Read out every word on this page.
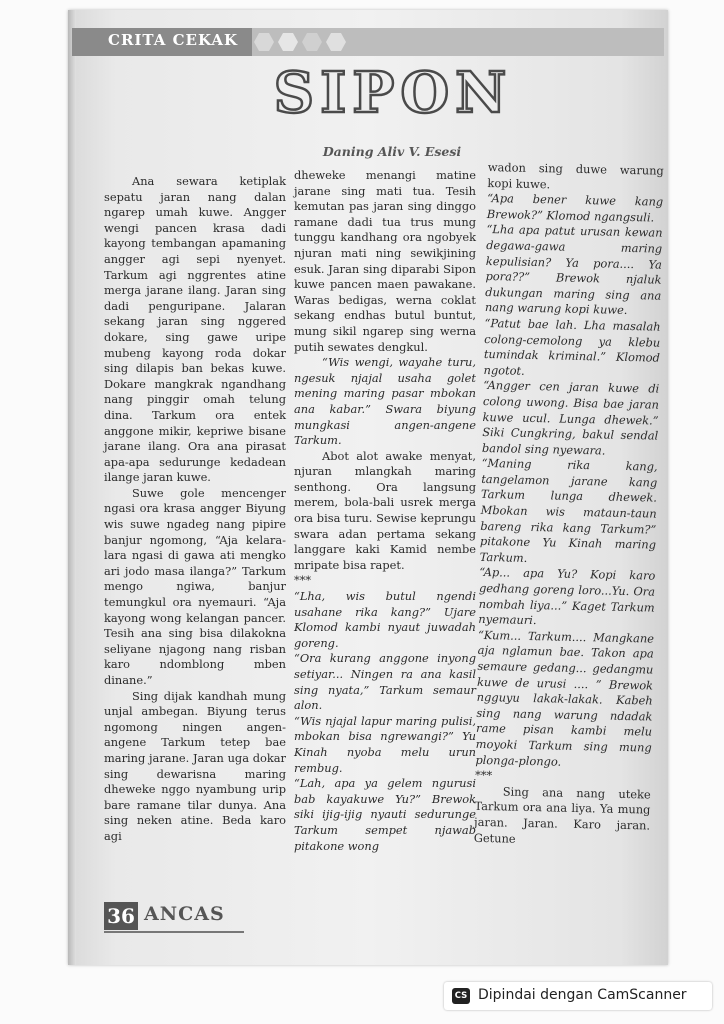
CRITA CEKAK
SIPON
Daning Aliv V. Esesi

Ana sewara ketiplak sepatu jaran nang dalan ngarep umah kuwe. Angger wengi pancen krasa dadi kayong tembangan apamaning angger agi sepi nyenyet. Tarkum agi nggrentes atine merga jarane ilang. Jaran sing dadi penguripane. Jalaran sekang jaran sing nggered dokare, sing gawe uripe mubeng kayong roda dokar sing dilapis ban bekas kuwe. Dokare mangkrak ngandhang nang pinggir omah telung dina. Tarkum ora entek anggone mikir, kepriwe bisane jarane ilang. Ora ana pirasat apa-apa sedurunge kedadean ilange jaran kuwe.

Suwe gole mencenger ngasi ora krasa angger Biyung wis suwe ngadeg nang pipire banjur ngomong, “Aja kelara-lara ngasi di gawa ati mengko ari jodo masa ilanga?” Tarkum mengo ngiwa, banjur temungkul ora nyemauri. “Aja kayong wong kelangan pancer. Tesih ana sing bisa dilakokna seliyane njagong nang risban karo ndomblong mben dinane.”

Sing dijak kandhah mung unjal ambegan. Biyung terus ngomong ningen angen-angene Tarkum tetep bae maring jarane. Jaran uga dokar sing dewarisna maring dheweke nggo nyambung urip bare ramane tilar dunya. Ana sing neken atine. Beda karo agi

dheweke menangi matine jarane sing mati tua. Tesih kemutan pas jaran sing dinggo ramane dadi tua trus mung tunggu kandhang ora ngobyek njuran mati ning sewikjining esuk. Jaran sing diparabi Sipon kuwe pancen maen pawakane. Waras bedigas, werna coklat sekang endhas butul buntut, mung sikil ngarep sing werna putih sewates dengkul.

“Wis wengi, wayahe turu, ngesuk njajal usaha golet mening maring pasar mbokan ana kabar.” Swara biyung mungkasi angen-angene Tarkum.

Abot alot awake menyat, njuran mlangkah maring senthong. Ora langsung merem, bola-bali usrek merga ora bisa turu. Sewise keprungu swara adan pertama sekang langgare kaki Kamid nembe mripate bisa rapet.

***

“Lha, wis butul ngendi usahane rika kang?” Ujare Klomod kambi nyaut juwadah goreng.

“Ora kurang anggone inyong setiyar... Ningen ra ana kasil sing nyata,” Tarkum semaur alon.

“Wis njajal lapur maring pulisi, mbokan bisa ngrewangi?” Yu Kinah nyoba melu urun rembug.

“Lah, apa ya gelem ngurusi bab kayakuwe Yu?” Brewok siki ijig-ijig nyauti sedurunge Tarkum sempet njawab pitakone wong

wadon sing duwe warung kopi kuwe.

“Apa bener kuwe kang Brewok?” Klomod ngangsuli.

“Lha apa patut urusan kewan degawa-gawa maring kepulisian? Ya pora.... Ya pora??” Brewok njaluk dukungan maring sing ana nang warung kopi kuwe.

“Patut bae lah. Lha masalah colong-cemolong ya klebu tumindak kriminal.” Klomod ngotot.

“Angger cen jaran kuwe di colong uwong. Bisa bae jaran kuwe ucul. Lunga dhewek.” Siki Cungkring, bakul sendal bandol sing nyewara.

“Maning rika kang, tangelamon jarane kang Tarkum lunga dhewek. Mbokan wis mataun-taun bareng rika kang Tarkum?” pitakone Yu Kinah maring Tarkum.

“Ap... apa Yu? Kopi karo gedhang goreng loro...Yu. Ora nombah liya...” Kaget Tarkum nyemauri.

“Kum... Tarkum.... Mangkane aja nglamun bae. Takon apa semaure gedang... gedangmu kuwe de urusi .... ” Brewok ngguyu lakak-lakak. Kabeh sing nang warung ndadak rame pisan kambi melu moyoki Tarkum sing mung plonga-plongo.

***

Sing ana nang uteke Tarkum ora ana liya. Ya mung jaran. Jaran. Karo jaran. Getune

36 ANCAS
CS Dipindai dengan CamScanner
